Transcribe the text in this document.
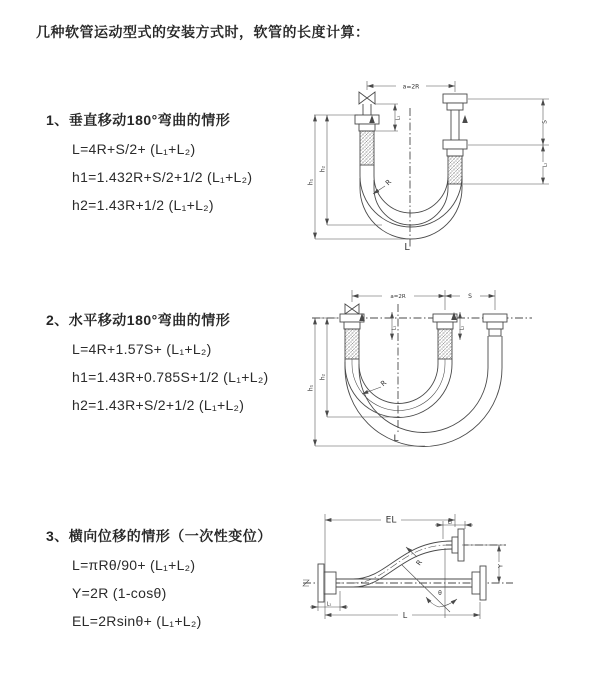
几种软管运动型式的安装方式时，软管的长度计算：
1、垂直移动180°弯曲的情形
L=4R+S/2+ (L₁+L₂)
h1=1.432R+S/2+1/2 (L₁+L₂)
h2=1.43R+1/2 (L₁+L₂)
2、水平移动180°弯曲的情形
L=4R+1.57S+ (L₁+L₂)
h1=1.43R+0.785S+1/2 (L₁+L₂)
h2=1.43R+S/2+1/2 (L₁+L₂)
3、横向位移的情形（一次性变位）
L=πRθ/90+ (L₁+L₂)
Y=2R (1-cosθ)
EL=2Rsinθ+ (L₁+L₂)
a=2R
h₁
h₂
L₁
S
L₂
R
L
a=2R	S
h₁
h₂
L₁	L₂
R
L
EL	L₂
Y
L
L₁
R
θ
